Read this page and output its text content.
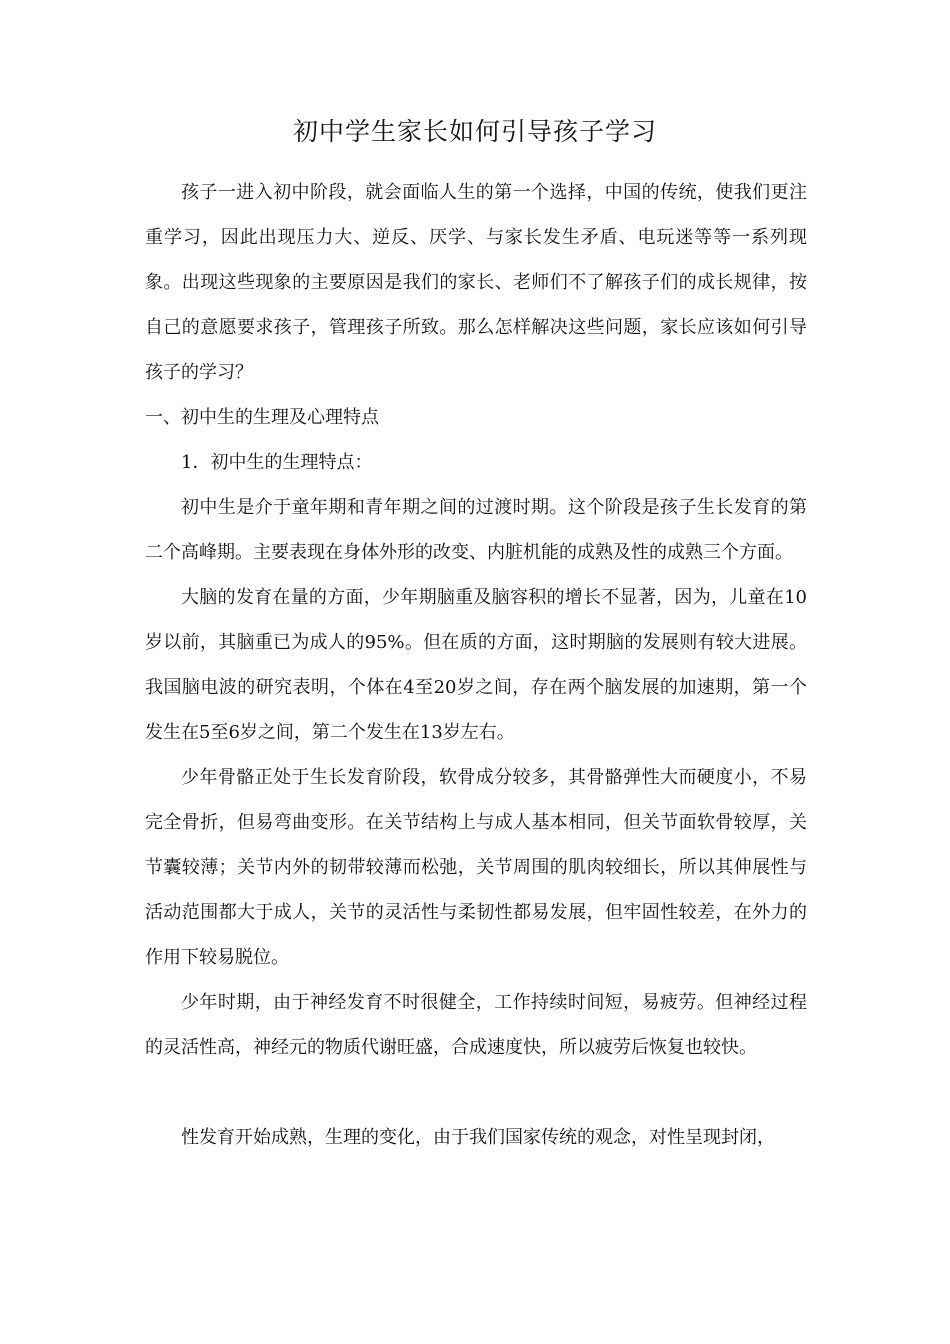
初中学生家长如何引导孩子学习

孩子一进入初中阶段，就会面临人生的第一个选择，中国的传统，使我们更注重学习，因此出现压力大、逆反、厌学、与家长发生矛盾、电玩迷等等一系列现象。出现这些现象的主要原因是我们的家长、老师们不了解孩子们的成长规律，按自己的意愿要求孩子，管理孩子所致。那么怎样解决这些问题，家长应该如何引导孩子的学习？

一、初中生的生理及心理特点

1．初中生的生理特点：

初中生是介于童年期和青年期之间的过渡时期。这个阶段是孩子生长发育的第二个高峰期。主要表现在身体外形的改变、内脏机能的成熟及性的成熟三个方面。

大脑的发育在量的方面，少年期脑重及脑容积的增长不显著，因为，儿童在10岁以前，其脑重已为成人的95%。但在质的方面，这时期脑的发展则有较大进展。我国脑电波的研究表明，个体在4至20岁之间，存在两个脑发展的加速期，第一个发生在5至6岁之间，第二个发生在13岁左右。

少年骨骼正处于生长发育阶段，软骨成分较多，其骨骼弹性大而硬度小，不易完全骨折，但易弯曲变形。在关节结构上与成人基本相同，但关节面软骨较厚，关节囊较薄；关节内外的韧带较薄而松弛，关节周围的肌肉较细长，所以其伸展性与活动范围都大于成人，关节的灵活性与柔韧性都易发展，但牢固性较差，在外力的作用下较易脱位。

少年时期，由于神经发育不时很健全，工作持续时间短，易疲劳。但神经过程的灵活性高，神经元的物质代谢旺盛，合成速度快，所以疲劳后恢复也较快。

性发育开始成熟，生理的变化，由于我们国家传统的观念，对性呈现封闭，
